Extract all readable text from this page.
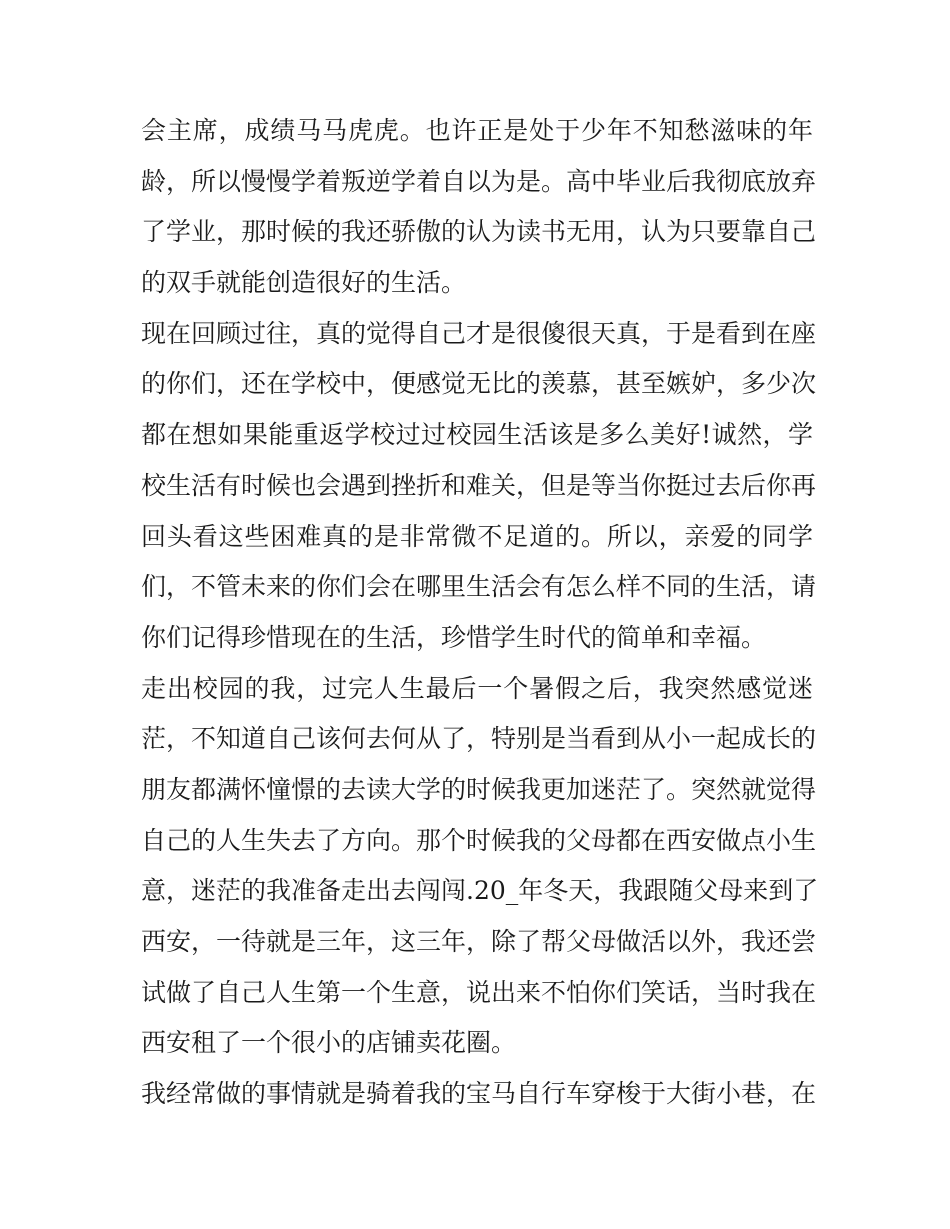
会主席，成绩马马虎虎。也许正是处于少年不知愁滋味的年
龄，所以慢慢学着叛逆学着自以为是。高中毕业后我彻底放弃
了学业，那时候的我还骄傲的认为读书无用，认为只要靠自己
的双手就能创造很好的生活。
现在回顾过往，真的觉得自己才是很傻很天真，于是看到在座
的你们，还在学校中，便感觉无比的羡慕，甚至嫉妒，多少次
都在想如果能重返学校过过校园生活该是多么美好!诚然，学
校生活有时候也会遇到挫折和难关，但是等当你挺过去后你再
回头看这些困难真的是非常微不足道的。所以，亲爱的同学
们，不管未来的你们会在哪里生活会有怎么样不同的生活，请
你们记得珍惜现在的生活，珍惜学生时代的简单和幸福。
走出校园的我，过完人生最后一个暑假之后，我突然感觉迷
茫，不知道自己该何去何从了，特别是当看到从小一起成长的
朋友都满怀憧憬的去读大学的时候我更加迷茫了。突然就觉得
自己的人生失去了方向。那个时候我的父母都在西安做点小生
意，迷茫的我准备走出去闯闯.20_年冬天，我跟随父母来到了
西安，一待就是三年，这三年，除了帮父母做活以外，我还尝
试做了自己人生第一个生意，说出来不怕你们笑话，当时我在
西安租了一个很小的店铺卖花圈。
我经常做的事情就是骑着我的宝马自行车穿梭于大街小巷，在
